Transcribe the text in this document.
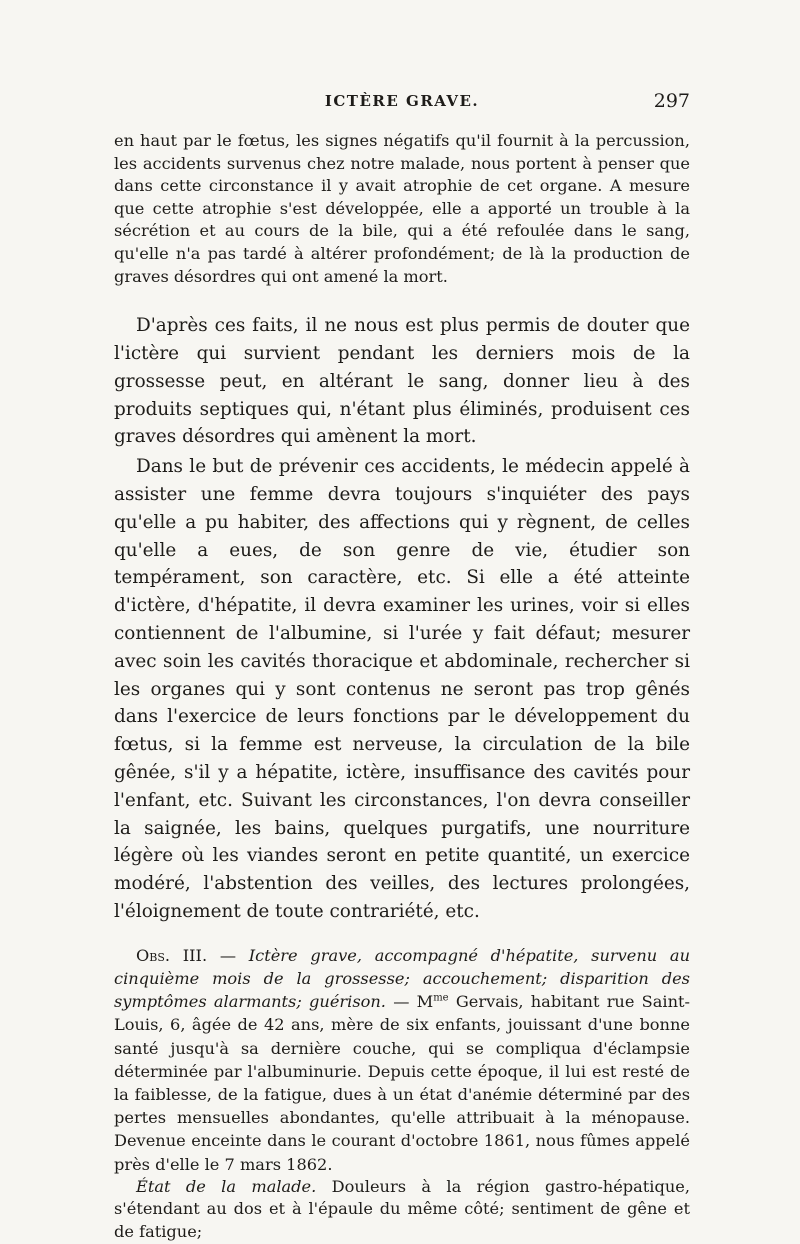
ICTÈRE GRAVE.	297

en haut par le fœtus, les signes négatifs qu'il fournit à la percussion, les accidents survenus chez notre malade, nous portent à penser que dans cette circonstance il y avait atrophie de cet organe. A mesure que cette atrophie s'est développée, elle a apporté un trouble à la sécrétion et au cours de la bile, qui a été refoulée dans le sang, qu'elle n'a pas tardé à altérer profondément; de là la production de graves désordres qui ont amené la mort.

D'après ces faits, il ne nous est plus permis de douter que l'ictère qui survient pendant les derniers mois de la grossesse peut, en altérant le sang, donner lieu à des produits septiques qui, n'étant plus éliminés, produisent ces graves désordres qui amènent la mort.

Dans le but de prévenir ces accidents, le médecin appelé à assister une femme devra toujours s'inquiéter des pays qu'elle a pu habiter, des affections qui y règnent, de celles qu'elle a eues, de son genre de vie, étudier son tempérament, son caractère, etc. Si elle a été atteinte d'ictère, d'hépatite, il devra examiner les urines, voir si elles contiennent de l'albumine, si l'urée y fait défaut; mesurer avec soin les cavités thoracique et abdominale, rechercher si les organes qui y sont contenus ne seront pas trop gênés dans l'exercice de leurs fonctions par le développement du fœtus, si la femme est nerveuse, la circulation de la bile gênée, s'il y a hépatite, ictère, insuffisance des cavités pour l'enfant, etc. Suivant les circonstances, l'on devra conseiller la saignée, les bains, quelques purgatifs, une nourriture légère où les viandes seront en petite quantité, un exercice modéré, l'abstention des veilles, des lectures prolongées, l'éloignement de toute contrariété, etc.

Obs. III. — Ictère grave, accompagné d'hépatite, survenu au cinquième mois de la grossesse; accouchement; disparition des symptômes alarmants; guérison. — $M^{me}$ Gervais, habitant rue Saint-Louis, 6, âgée de 42 ans, mère de six enfants, jouissant d'une bonne santé jusqu'à sa dernière couche, qui se compliqua d'éclampsie déterminée par l'albuminurie. Depuis cette époque, il lui est resté de la faiblesse, de la fatigue, dues à un état d'anémie déterminé par des pertes mensuelles abondantes, qu'elle attribuait à la ménopause. Devenue enceinte dans le courant d'octobre 1861, nous fûmes appelé près d'elle le 7 mars 1862.

État de la malade. Douleurs à la région gastro-hépatique, s'étendant au dos et à l'épaule du même côté; sentiment de gêne et de fatigue;
